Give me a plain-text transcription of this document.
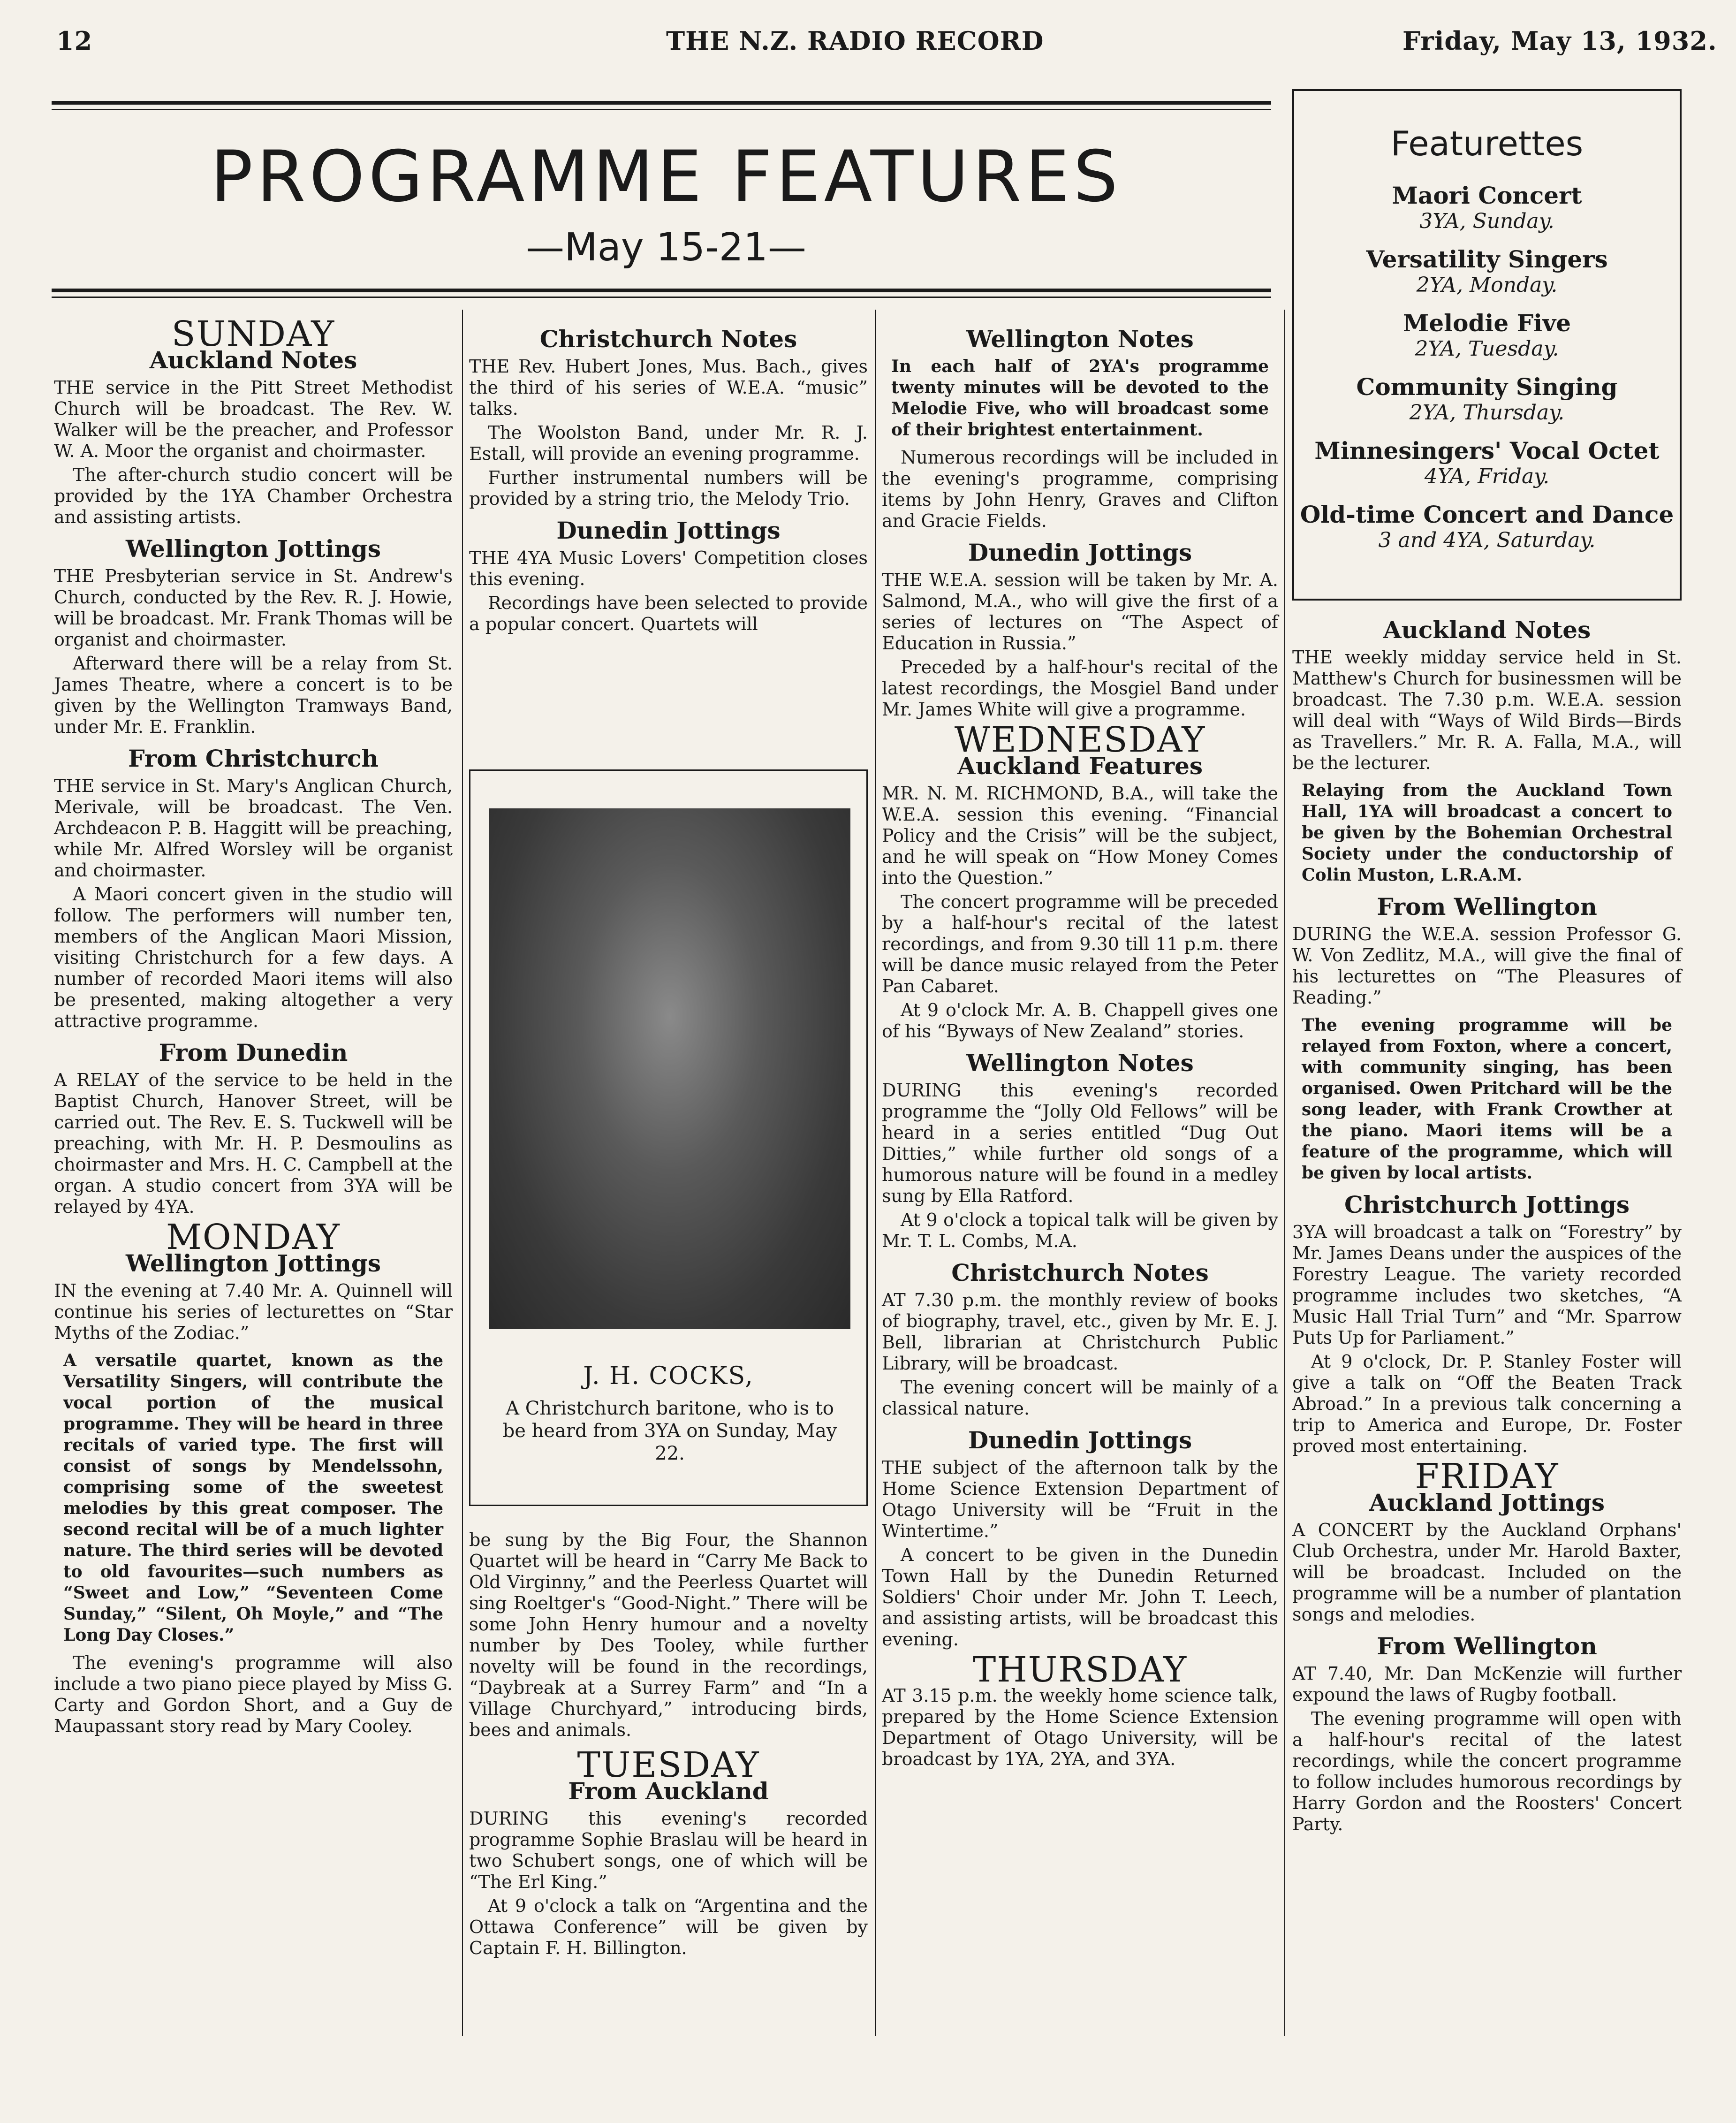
12	THE N.Z. RADIO RECORD	Friday, May 13, 1932.
PROGRAMME FEATURES
—May 15-21—
Featurettes
Maori Concert
3YA, Sunday.
Versatility Singers
2YA, Monday.
Melodie Five
2YA, Tuesday.
Community Singing
2YA, Thursday.
Minnesingers' Vocal Octet
4YA, Friday.
Old-time Concert and Dance
3 and 4YA, Saturday.
J. H. COCKS,
A Christchurch baritone, who is to be heard from 3YA on Sunday, May 22.
SUNDAY
Auckland Notes

THE service in the Pitt Street Methodist Church will be broadcast. The Rev. W. Walker will be the preacher, and Professor W. A. Moor the organist and choirmaster.

The after-church studio concert will be provided by the 1YA Chamber Orchestra and assisting artists.

Wellington Jottings

THE Presbyterian service in St. Andrew's Church, conducted by the Rev. R. J. Howie, will be broadcast. Mr. Frank Thomas will be organist and choirmaster.

Afterward there will be a relay from St. James Theatre, where a concert is to be given by the Wellington Tramways Band, under Mr. E. Franklin.

From Christchurch

THE service in St. Mary's Anglican Church, Merivale, will be broadcast. The Ven. Archdeacon P. B. Haggitt will be preaching, while Mr. Alfred Worsley will be organist and choirmaster.

A Maori concert given in the studio will follow. The performers will number ten, members of the Anglican Maori Mission, visiting Christchurch for a few days. A number of recorded Maori items will also be presented, making altogether a very attractive programme.

From Dunedin

A RELAY of the service to be held in the Baptist Church, Hanover Street, will be carried out. The Rev. E. S. Tuckwell will be preaching, with Mr. H. P. Desmoulins as choirmaster and Mrs. H. C. Campbell at the organ. A studio concert from 3YA will be relayed by 4YA.

MONDAY
Wellington Jottings

IN the evening at 7.40 Mr. A. Quinnell will continue his series of lecturettes on “Star Myths of the Zodiac.”

A versatile quartet, known as the Versatility Singers, will contribute the vocal portion of the musical programme. They will be heard in three recitals of varied type. The first will consist of songs by Mendelssohn, comprising some of the sweetest melodies by this great composer. The second recital will be of a much lighter nature. The third series will be devoted to old favourites—such numbers as “Sweet and Low,” “Seventeen Come Sunday,” “Silent, Oh Moyle,” and “The Long Day Closes.”

The evening's programme will also include a two piano piece played by Miss G. Carty and Gordon Short, and a Guy de Maupassant story read by Mary Cooley.

Christchurch Notes

THE Rev. Hubert Jones, Mus. Bach., gives the third of his series of W.E.A. “music” talks.

The Woolston Band, under Mr. R. J. Estall, will provide an evening programme.

Further instrumental numbers will be provided by a string trio, the Melody Trio.

Dunedin Jottings

THE 4YA Music Lovers' Competition closes this evening.

Recordings have been selected to provide a popular concert. Quartets will

be sung by the Big Four, the Shannon Quartet will be heard in “Carry Me Back to Old Virginny,” and the Peerless Quartet will sing Roeltger's “Good-Night.” There will be some John Henry humour and a novelty number by Des Tooley, while further novelty will be found in the recordings, “Daybreak at a Surrey Farm” and “In a Village Churchyard,” introducing birds, bees and animals.

TUESDAY
From Auckland

DURING this evening's recorded programme Sophie Braslau will be heard in two Schubert songs, one of which will be “The Erl King.”

At 9 o'clock a talk on “Argentina and the Ottawa Conference” will be given by Captain F. H. Billington.

Wellington Notes

In each half of 2YA's programme twenty minutes will be devoted to the Melodie Five, who will broadcast some of their brightest entertainment.

Numerous recordings will be included in the evening's programme, comprising items by John Henry, Graves and Clifton and Gracie Fields.

Dunedin Jottings

THE W.E.A. session will be taken by Mr. A. Salmond, M.A., who will give the first of a series of lectures on “The Aspect of Education in Russia.”

Preceded by a half-hour's recital of the latest recordings, the Mosgiel Band under Mr. James White will give a programme.

WEDNESDAY
Auckland Features

MR. N. M. RICHMOND, B.A., will take the W.E.A. session this evening. “Financial Policy and the Crisis” will be the subject, and he will speak on “How Money Comes into the Question.”

The concert programme will be preceded by a half-hour's recital of the latest recordings, and from 9.30 till 11 p.m. there will be dance music relayed from the Peter Pan Cabaret.

At 9 o'clock Mr. A. B. Chappell gives one of his “Byways of New Zealand” stories.

Wellington Notes

DURING this evening's recorded programme the “Jolly Old Fellows” will be heard in a series entitled “Dug Out Ditties,” while further old songs of a humorous nature will be found in a medley sung by Ella Ratford.

At 9 o'clock a topical talk will be given by Mr. T. L. Combs, M.A.

Christchurch Notes

AT 7.30 p.m. the monthly review of books of biography, travel, etc., given by Mr. E. J. Bell, librarian at Christchurch Public Library, will be broadcast.

The evening concert will be mainly of a classical nature.

Dunedin Jottings

THE subject of the afternoon talk by the Home Science Extension Department of Otago University will be “Fruit in the Wintertime.”

A concert to be given in the Dunedin Town Hall by the Dunedin Returned Soldiers' Choir under Mr. John T. Leech, and assisting artists, will be broadcast this evening.

THURSDAY

AT 3.15 p.m. the weekly home science talk, prepared by the Home Science Extension Department of Otago University, will be broadcast by 1YA, 2YA, and 3YA.

Auckland Notes

THE weekly midday service held in St. Matthew's Church for businessmen will be broadcast. The 7.30 p.m. W.E.A. session will deal with “Ways of Wild Birds—Birds as Travellers.” Mr. R. A. Falla, M.A., will be the lecturer.

Relaying from the Auckland Town Hall, 1YA will broadcast a concert to be given by the Bohemian Orchestral Society under the conductorship of Colin Muston, L.R.A.M.

From Wellington

DURING the W.E.A. session Professor G. W. Von Zedlitz, M.A., will give the final of his lecturettes on “The Pleasures of Reading.”

The evening programme will be relayed from Foxton, where a concert, with community singing, has been organised. Owen Pritchard will be the song leader, with Frank Crowther at the piano. Maori items will be a feature of the programme, which will be given by local artists.

Christchurch Jottings

3YA will broadcast a talk on “Forestry” by Mr. James Deans under the auspices of the Forestry League. The variety recorded programme includes two sketches, “A Music Hall Trial Turn” and “Mr. Sparrow Puts Up for Parliament.”

At 9 o'clock, Dr. P. Stanley Foster will give a talk on “Off the Beaten Track Abroad.” In a previous talk concerning a trip to America and Europe, Dr. Foster proved most entertaining.

FRIDAY
Auckland Jottings

A CONCERT by the Auckland Orphans' Club Orchestra, under Mr. Harold Baxter, will be broadcast. Included on the programme will be a number of plantation songs and melodies.

From Wellington

AT 7.40, Mr. Dan McKenzie will further expound the laws of Rugby football.

The evening programme will open with a half-hour's recital of the latest recordings, while the concert programme to follow includes humorous recordings by Harry Gordon and the Roosters' Concert Party.
